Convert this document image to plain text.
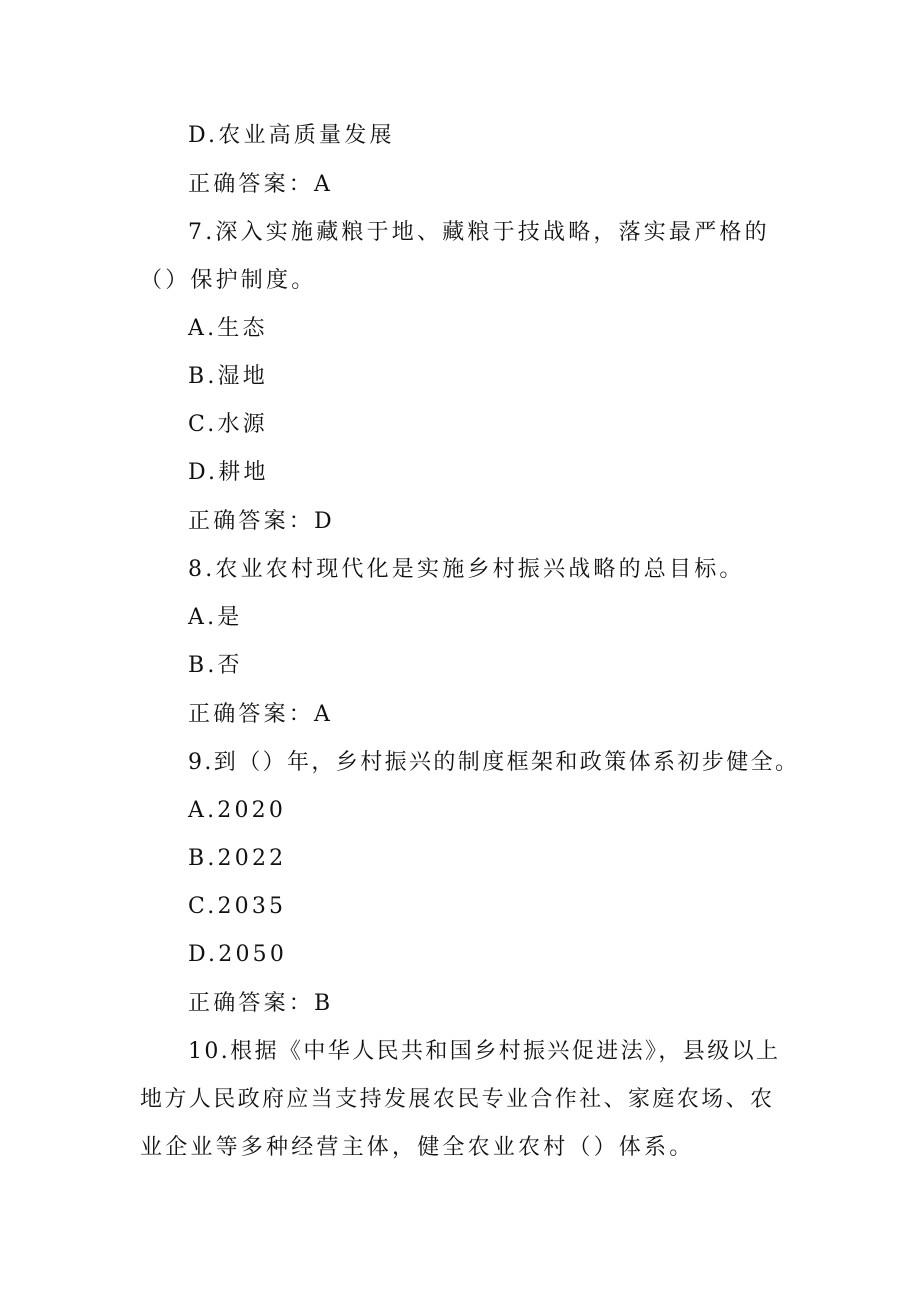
D.农业高质量发展
正确答案：A
7.深入实施藏粮于地、藏粮于技战略，落实最严格的
（）保护制度。
A.生态
B.湿地
C.水源
D.耕地
正确答案：D
8.农业农村现代化是实施乡村振兴战略的总目标。
A.是
B.否
正确答案：A
9.到（）年，乡村振兴的制度框架和政策体系初步健全。
A.2020
B.2022
C.2035
D.2050
正确答案：B
10.根据《中华人民共和国乡村振兴促进法》，县级以上
地方人民政府应当支持发展农民专业合作社、家庭农场、农
业企业等多种经营主体，健全农业农村（）体系。
